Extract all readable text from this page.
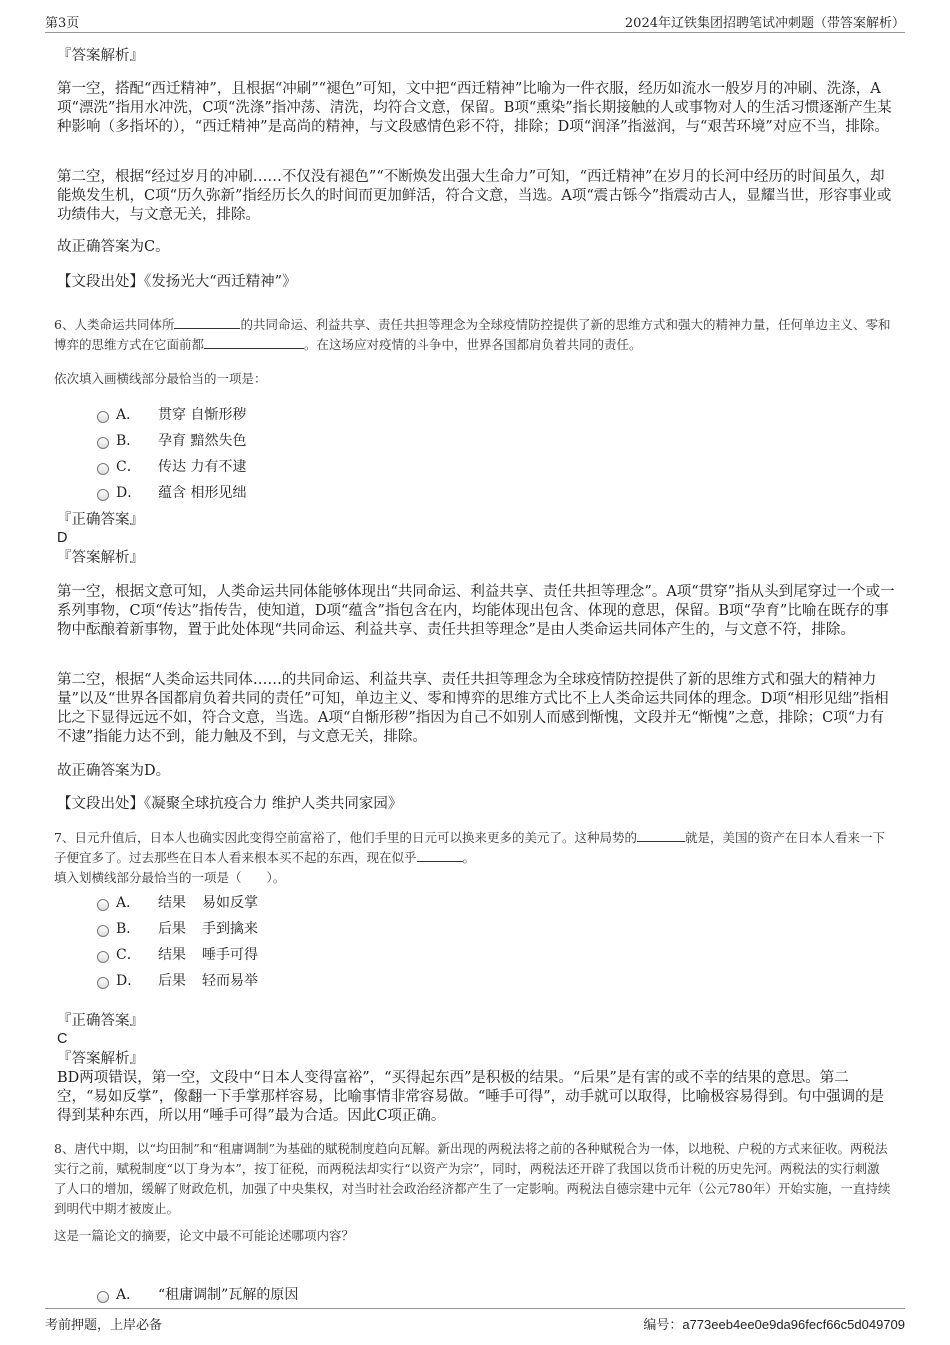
第3页	2024年辽铁集团招聘笔试冲刺题（带答案解析）
『答案解析』

第一空，搭配“西迁精神”，且根据“冲刷”“褪色”可知，文中把“西迁精神”比喻为一件衣服，经历如流水一般岁月的冲刷、洗涤，A项“漂洗”指用水冲洗，C项“洗涤”指冲荡、清洗，均符合文意，保留。B项“熏染”指长期接触的人或事物对人的生活习惯逐渐产生某种影响（多指坏的），“西迁精神”是高尚的精神，与文段感情色彩不符，排除；D项“润泽”指滋润，与“艰苦环境”对应不当，排除。

第二空，根据“经过岁月的冲刷……不仅没有褪色”“不断焕发出强大生命力”可知，“西迁精神”在岁月的长河中经历的时间虽久，却能焕发生机，C项“历久弥新”指经历长久的时间而更加鲜活，符合文意，当选。A项“震古铄今”指震动古人，显耀当世，形容事业或功绩伟大，与文意无关，排除。

故正确答案为C。
【文段出处】《发扬光大“西迁精神”》

6、人类命运共同体所	的共同命运、利益共享、责任共担等理念为全球疫情防控提供了新的思维方式和强大的精神力量，任何单边主义、零和博弈的思维方式在它面前都	。在这场应对疫情的斗争中，世界各国都肩负着共同的责任。

依次填入画横线部分最恰当的一项是：
A． 贯穿 自惭形秽
B． 孕育 黯然失色
C． 传达 力有不逮
D． 蕴含 相形见绌
『正确答案』
D
『答案解析』

第一空，根据文意可知，人类命运共同体能够体现出“共同命运、利益共享、责任共担等理念”。A项“贯穿”指从头到尾穿过一个或一系列事物，C项“传达”指传告，使知道，D项“蕴含”指包含在内，均能体现出包含、体现的意思，保留。B项“孕育”比喻在既存的事物中酝酿着新事物，置于此处体现“共同命运、利益共享、责任共担等理念”是由人类命运共同体产生的，与文意不符，排除。

第二空，根据“人类命运共同体……的共同命运、利益共享、责任共担等理念为全球疫情防控提供了新的思维方式和强大的精神力量”以及“世界各国都肩负着共同的责任”可知，单边主义、零和博弈的思维方式比不上人类命运共同体的理念。D项“相形见绌”指相比之下显得远远不如，符合文意，当选。A项“自惭形秽”指因为自己不如别人而感到惭愧，文段并无“惭愧”之意，排除；C项“力有不逮”指能力达不到，能力触及不到，与文意无关，排除。

故正确答案为D。
【文段出处】《凝聚全球抗疫合力 维护人类共同家园》

7、日元升值后，日本人也确实因此变得空前富裕了，他们手里的日元可以换来更多的美元了。这种局势的	就是，美国的资产在日本人看来一下子便宜多了。过去那些在日本人看来根本买不起的东西，现在似乎	。

填入划横线部分最恰当的一项是（　　）。
A． 结果 易如反掌
B． 后果 手到擒来
C． 结果 唾手可得
D． 后果 轻而易举
『正确答案』
C
『答案解析』

BD两项错误，第一空，文段中“日本人变得富裕”，“买得起东西”是积极的结果。“后果”是有害的或不幸的结果的意思。第二空，“易如反掌”，像翻一下手掌那样容易，比喻事情非常容易做。“唾手可得”，动手就可以取得，比喻极容易得到。句中强调的是得到某种东西，所以用“唾手可得”最为合适。因此C项正确。

8、唐代中期，以“均田制”和“租庸调制”为基础的赋税制度趋向瓦解。新出现的两税法将之前的各种赋税合为一体，以地税、户税的方式来征收。两税法实行之前，赋税制度“以丁身为本”，按丁征税，而两税法却实行“以资产为宗”，同时，两税法还开辟了我国以货币计税的历史先河。两税法的实行刺激了人口的增加，缓解了财政危机，加强了中央集权，对当时社会政治经济都产生了一定影响。两税法自德宗建中元年（公元780年）开始实施，一直持续到明代中期才被废止。

这是一篇论文的摘要，论文中最不可能论述哪项内容？
A． “租庸调制”瓦解的原因
考前押题，上岸必备	编号：a773eeb4ee0e9da96fecf66c5d049709
